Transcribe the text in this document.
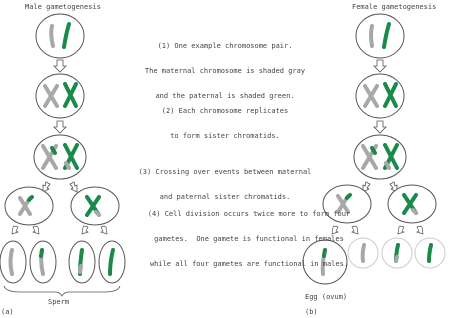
Male gametogenesis	Female gametogenesis

(1) One example chromosome pair.

The maternal chromosome is shaded gray

and the paternal is shaded green.

(2) Each chromosome replicates

to form sister chromatids.

(3) Crossing over events between maternal

and paternal sister chromatids.

(4) Cell division occurs twice more to form four

gametes.  One gamete is functional in females

while all four gametes are functional in males.

Sperm
Egg (ovum)
(a)	(b)
